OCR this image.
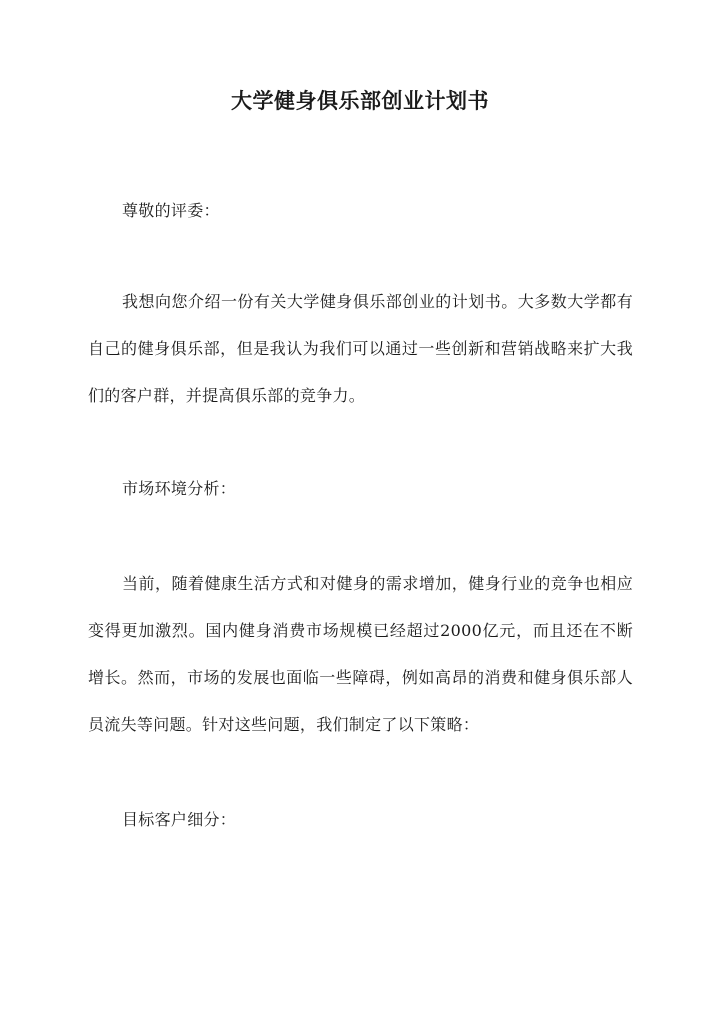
大学健身俱乐部创业计划书

尊敬的评委：

我想向您介绍一份有关大学健身俱乐部创业的计划书。大多数大学都有自己的健身俱乐部，但是我认为我们可以通过一些创新和营销战略来扩大我们的客户群，并提高俱乐部的竞争力。

市场环境分析：

当前，随着健康生活方式和对健身的需求增加，健身行业的竞争也相应变得更加激烈。国内健身消费市场规模已经超过2000亿元，而且还在不断增长。然而，市场的发展也面临一些障碍，例如高昂的消费和健身俱乐部人员流失等问题。针对这些问题，我们制定了以下策略：

目标客户细分：
